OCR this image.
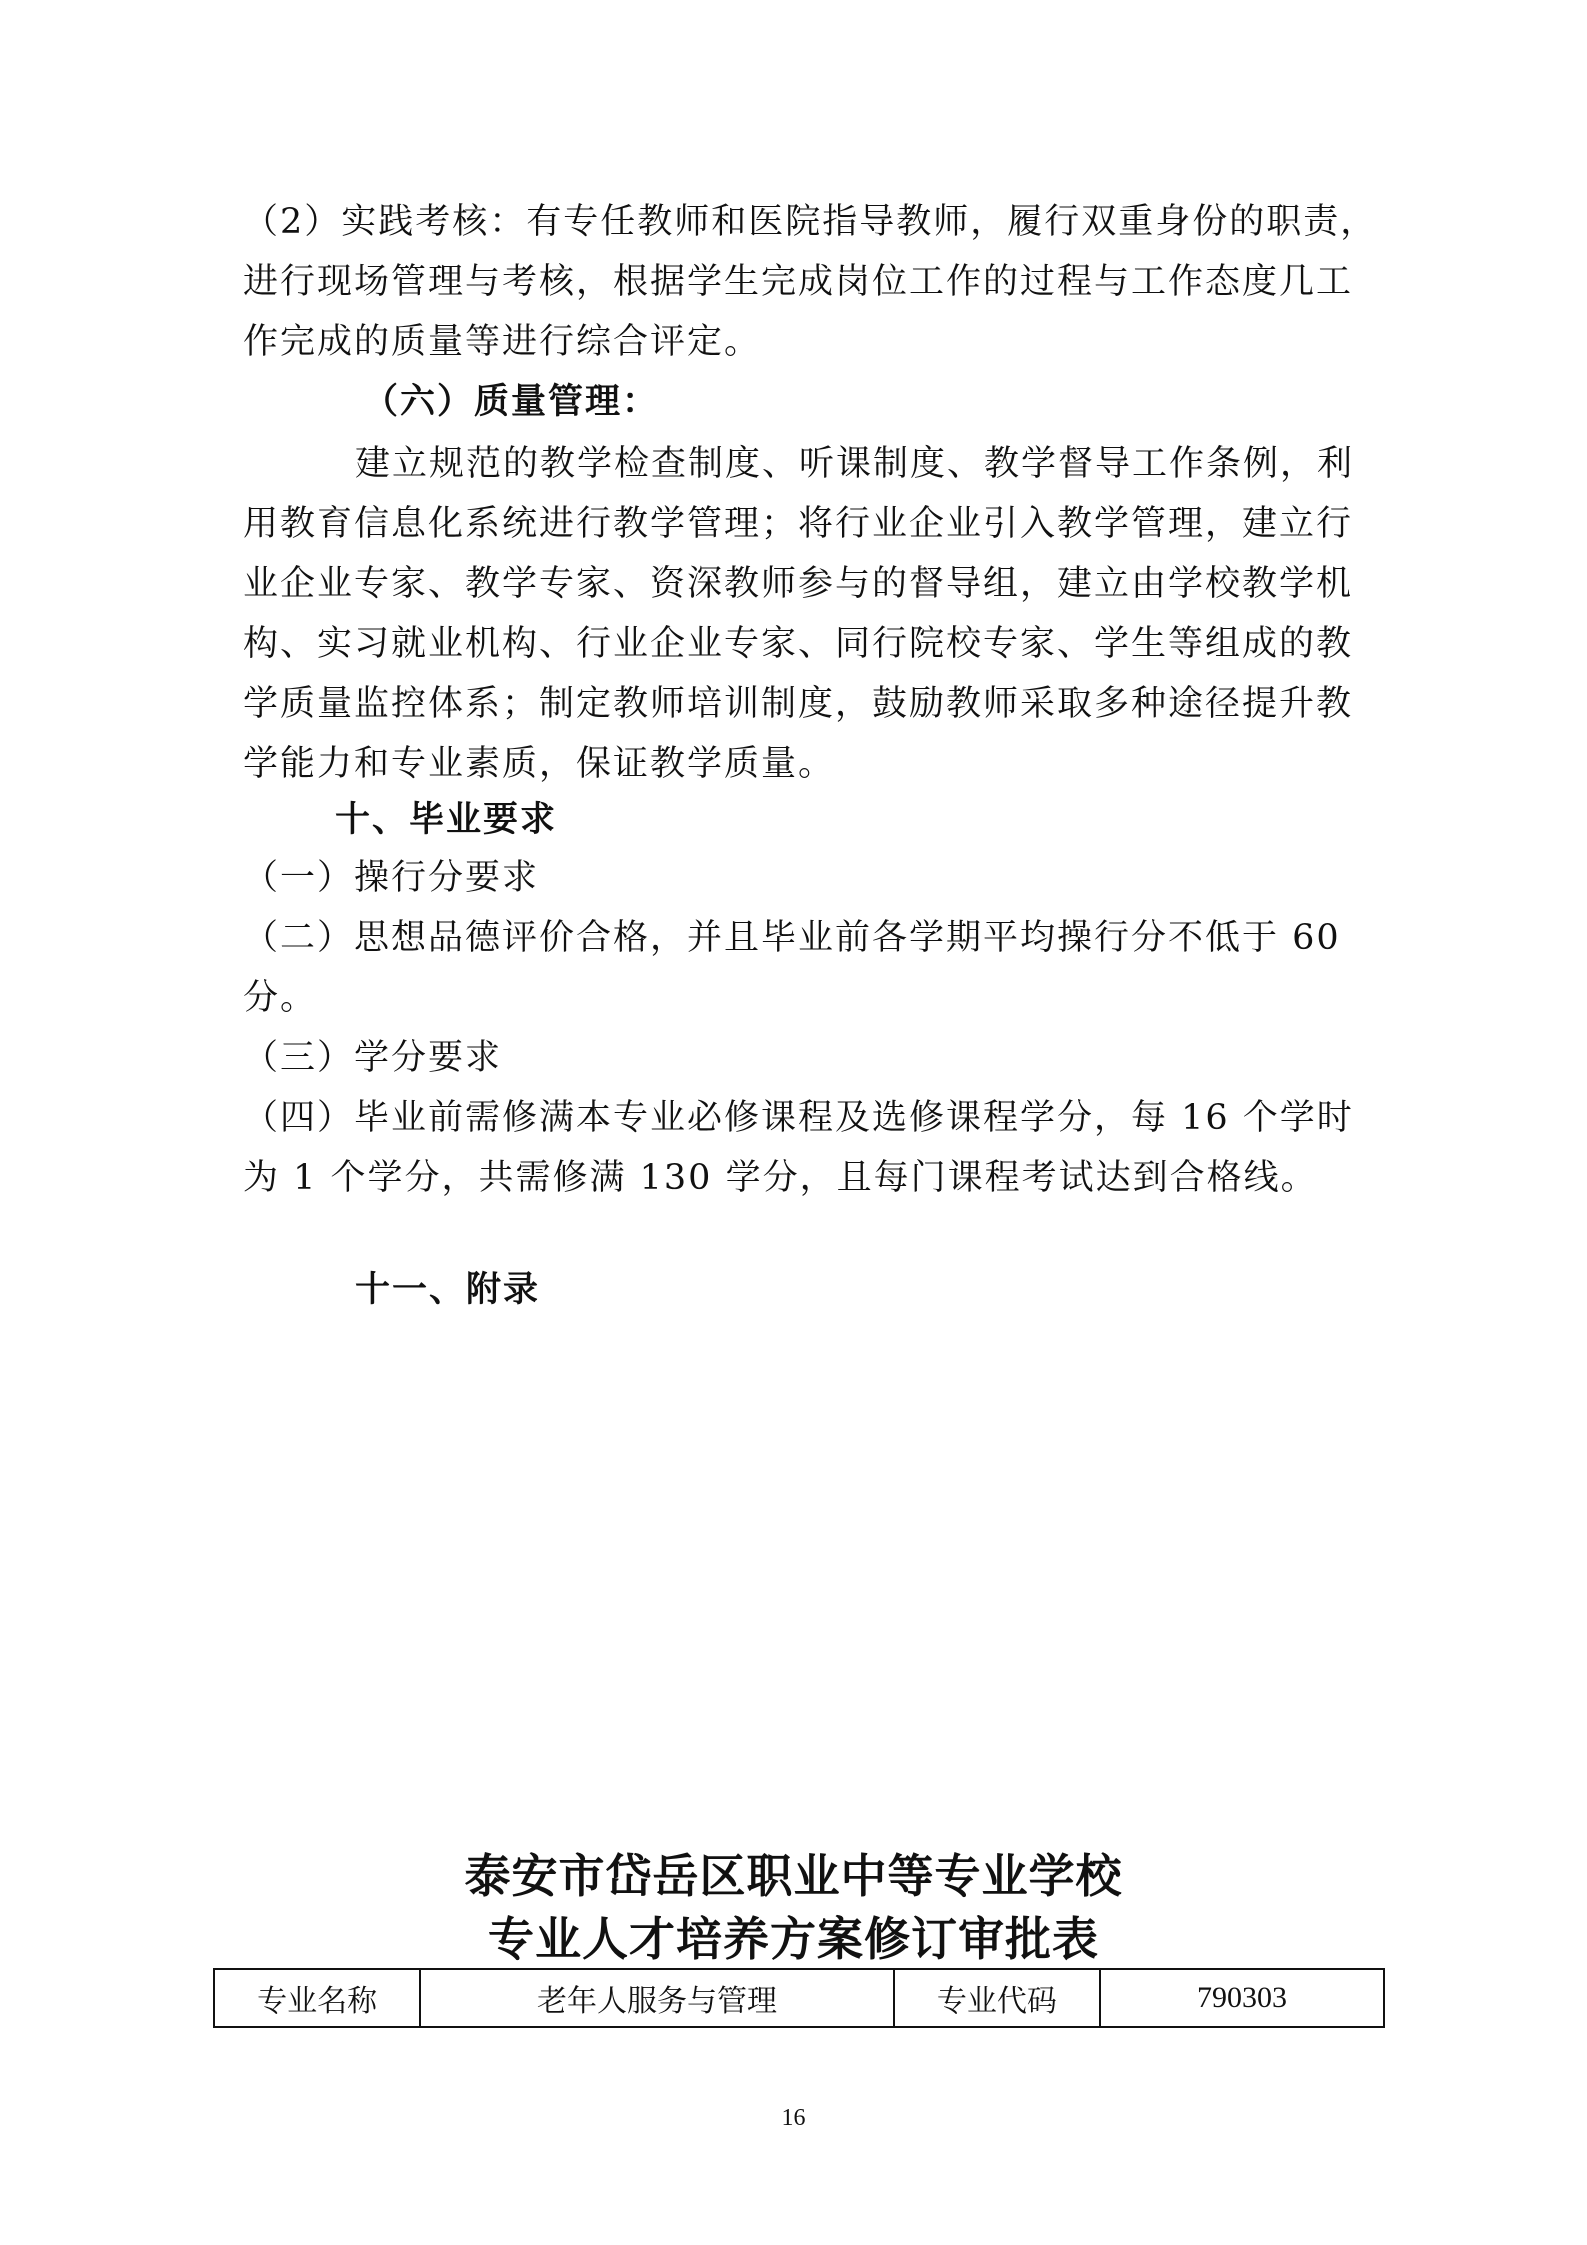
（2）实践考核：有专任教师和医院指导教师，履行双重身份的职责，
进行现场管理与考核，根据学生完成岗位工作的过程与工作态度几工
作完成的质量等进行综合评定。
（六）质量管理：
建立规范的教学检查制度、听课制度、教学督导工作条例，利
用教育信息化系统进行教学管理；将行业企业引入教学管理，建立行
业企业专家、教学专家、资深教师参与的督导组，建立由学校教学机
构、实习就业机构、行业企业专家、同行院校专家、学生等组成的教
学质量监控体系；制定教师培训制度，鼓励教师采取多种途径提升教
学能力和专业素质，保证教学质量。
十、毕业要求
（一）操行分要求
（二）思想品德评价合格，并且毕业前各学期平均操行分不低于 60
分。
（三）学分要求
（四）毕业前需修满本专业必修课程及选修课程学分，每 16 个学时
为 1 个学分，共需修满 130 学分，且每门课程考试达到合格线。
十一、附录
泰安市岱岳区职业中等专业学校
专业人才培养方案修订审批表
专业名称	老年人服务与管理	专业代码	790303
16
